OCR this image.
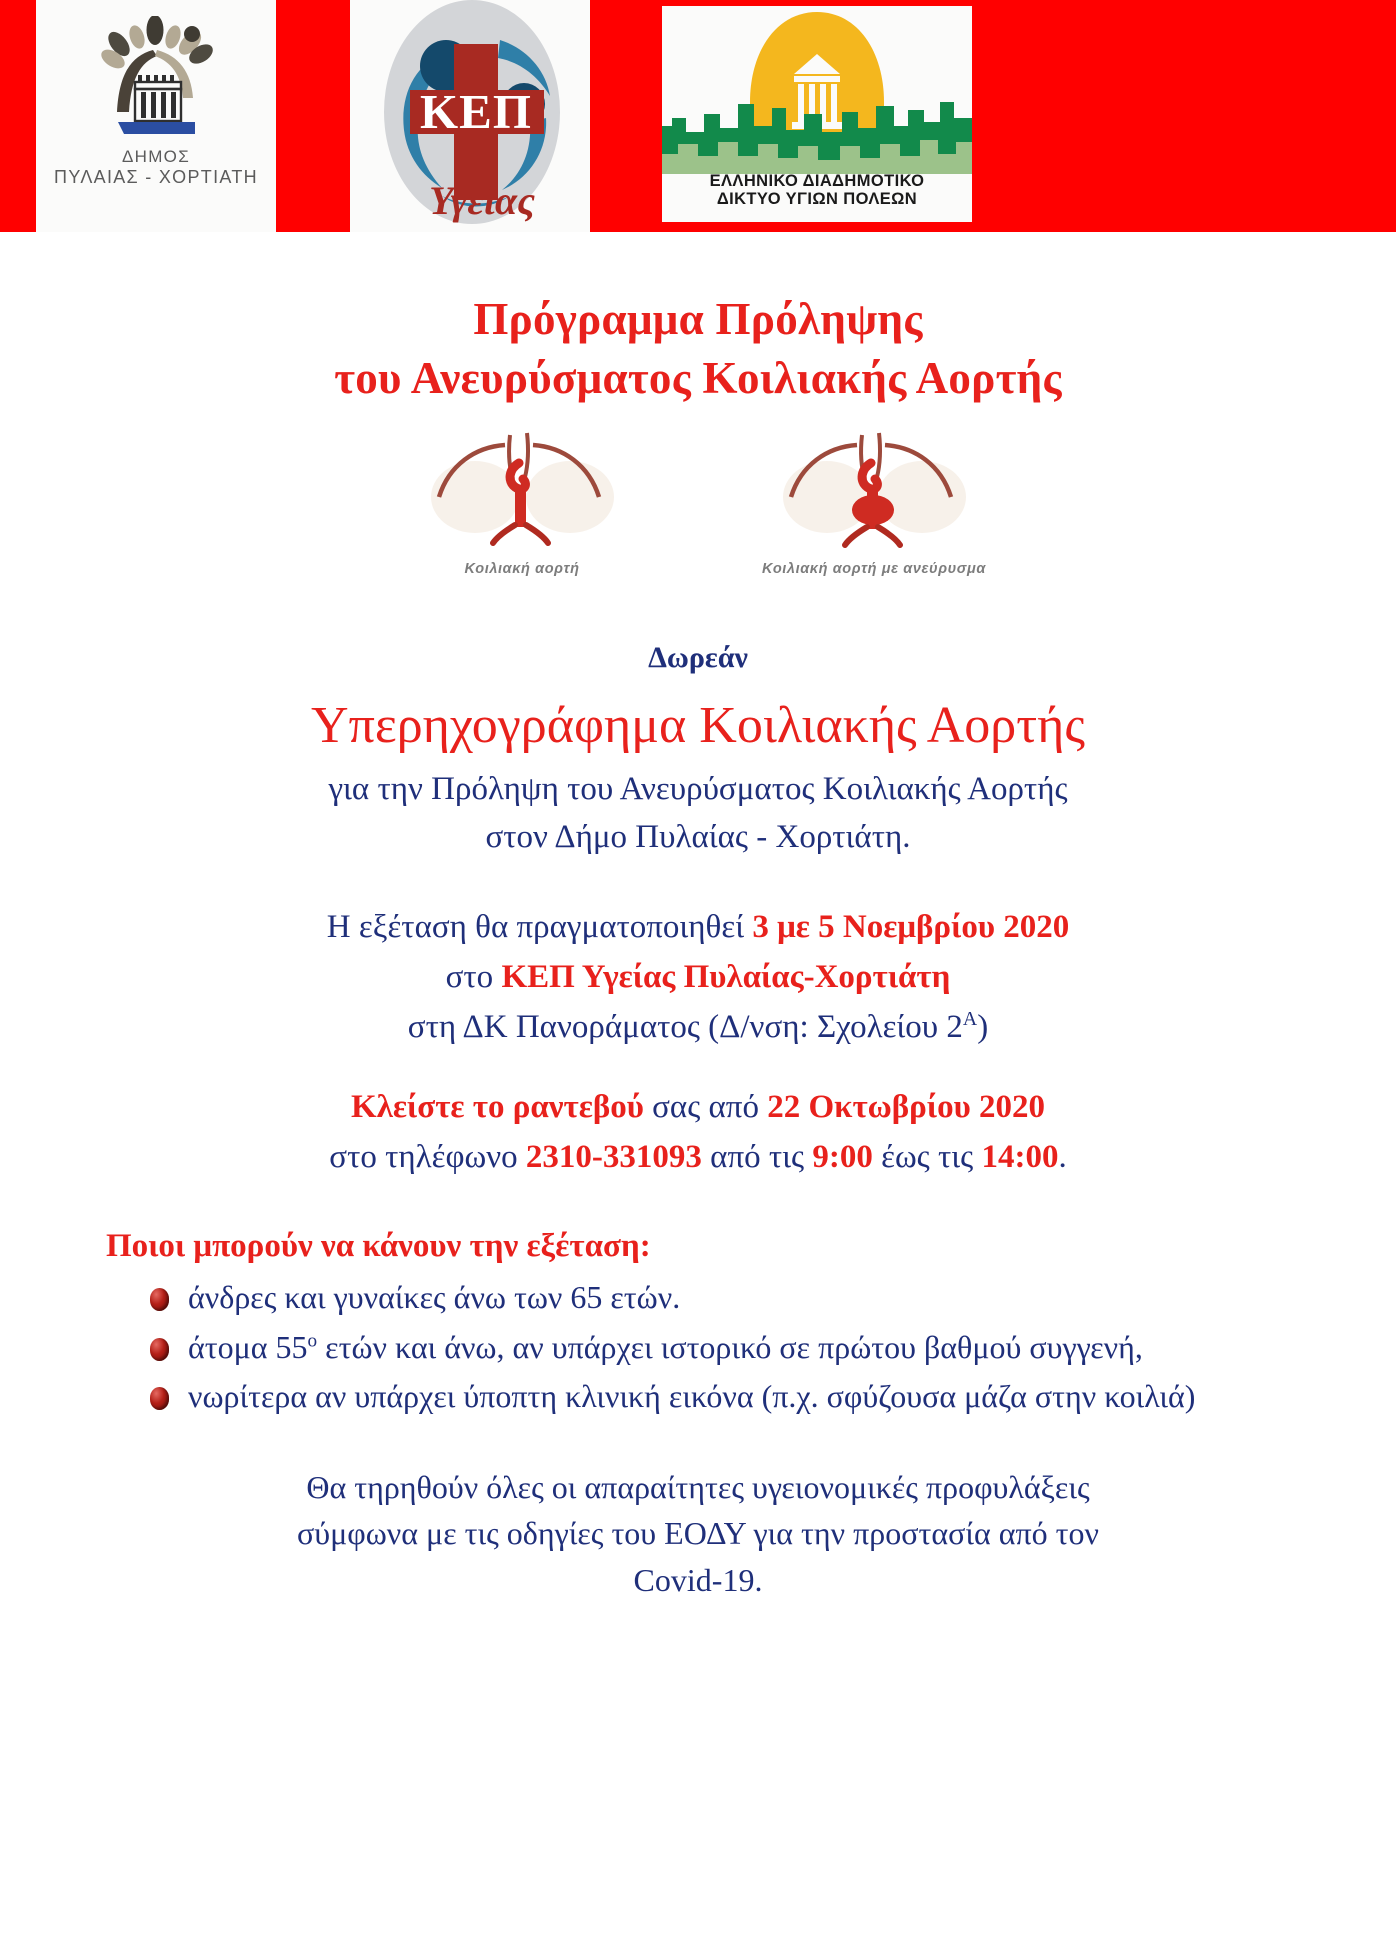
ΔΗΜΟΣ
ΠΥΛΑΙΑΣ - ΧΟΡΤΙΑΤΗ
ΚΕΠ
Υγείας	ΕΛΛΗΝΙΚΟ ΔΙΑΔΗΜΟΤΙΚΟ
ΔΙΚΤΥΟ ΥΓΙΩΝ ΠΟΛΕΩΝ
Πρόγραμμα Πρόληψης
του Ανευρύσματος Κοιλιακής Αορτής
Κοιλιακή αορτή	Κοιλιακή αορτή με ανεύρυσμα
Δωρεάν
Υπερηχογράφημα Κοιλιακής Αορτής
για την Πρόληψη του Ανευρύσματος Κοιλιακής Αορτής
στον Δήμο Πυλαίας - Χορτιάτη.
Η εξέταση θα πραγματοποιηθεί 3 με 5 Νοεμβρίου 2020
στο ΚΕΠ Υγείας Πυλαίας-Χορτιάτη
στη ΔΚ Πανοράματος (Δ/νση: Σχολείου $2^A$)
Κλείστε το ραντεβού σας από 22 Οκτωβρίου 2020
στο τηλέφωνο 2310-331093 από τις 9:00 έως τις 14:00.
Ποιοι μπορούν να κάνουν την εξέταση:
άνδρες και γυναίκες άνω των 65 ετών.
άτομα $55^o$ ετών και άνω, αν υπάρχει ιστορικό σε πρώτου βαθμού συγγενή,
νωρίτερα αν υπάρχει ύποπτη κλινική εικόνα (π.χ. σφύζουσα μάζα στην κοιλιά)
Θα τηρηθούν όλες οι απαραίτητες υγειονομικές προφυλάξεις
σύμφωνα με τις οδηγίες του ΕΟΔΥ για την προστασία από τον
Covid-19.
